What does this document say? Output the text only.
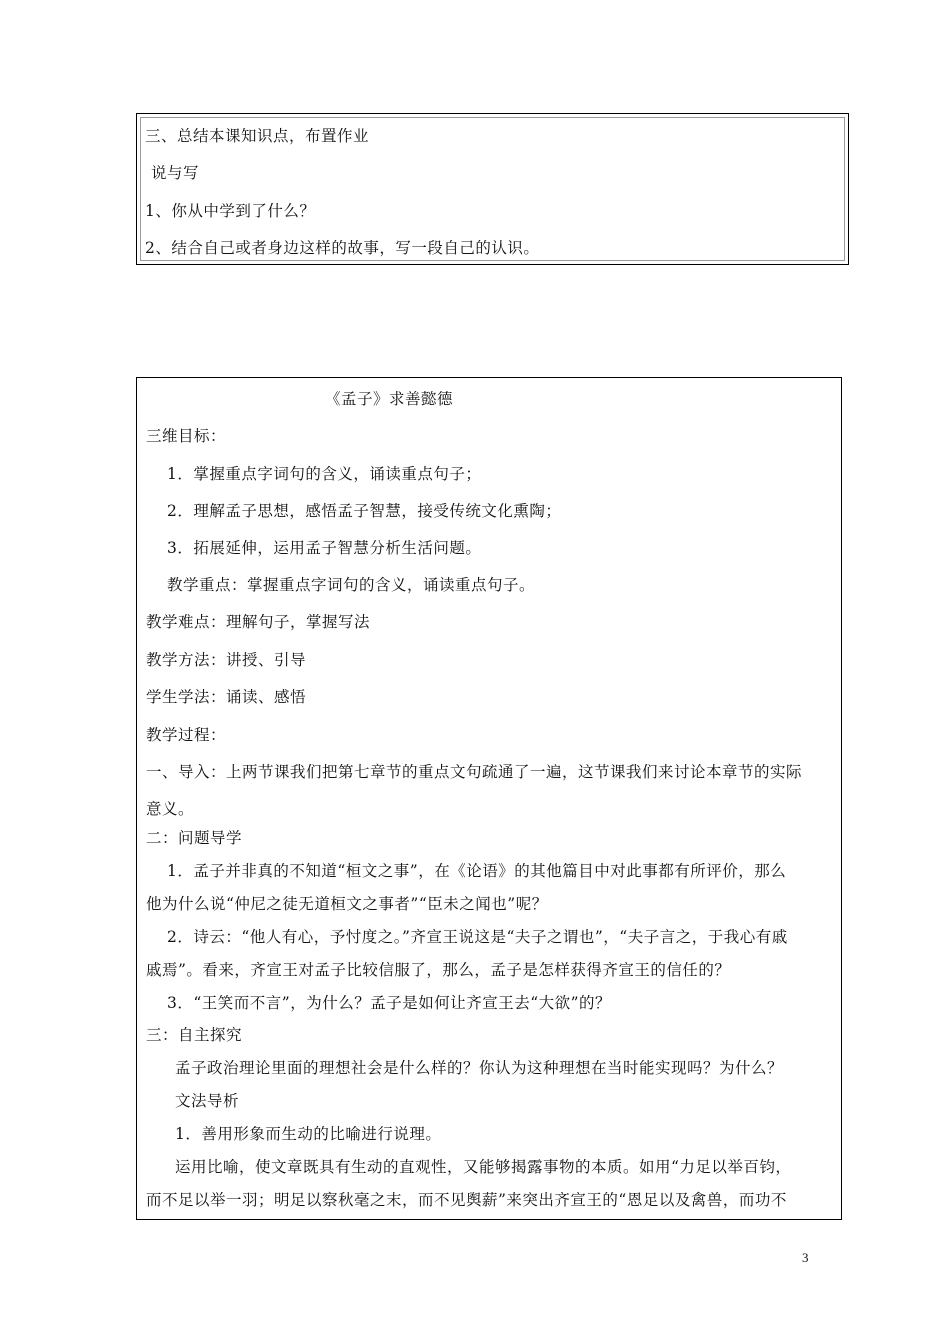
三、总结本课知识点，布置作业
说与写
1、你从中学到了什么？
2、结合自己或者身边这样的故事，写一段自己的认识。
《孟子》求善懿德
三维目标：
1．掌握重点字词句的含义，诵读重点句子；
2．理解孟子思想，感悟孟子智慧，接受传统文化熏陶；
3．拓展延伸，运用孟子智慧分析生活问题。
教学重点：掌握重点字词句的含义，诵读重点句子。
教学难点：理解句子，掌握写法
教学方法：讲授、引导
学生学法：诵读、感悟
教学过程：
一、导入：上两节课我们把第七章节的重点文句疏通了一遍，这节课我们来讨论本章节的实际
意义。
二：问题导学
1．孟子并非真的不知道“桓文之事”，在《论语》的其他篇目中对此事都有所评价，那么
他为什么说“仲尼之徒无道桓文之事者”“臣未之闻也”呢？
2．诗云：“他人有心，予忖度之。”齐宣王说这是“夫子之谓也”，“夫子言之，于我心有戚
戚焉”。看来，齐宣王对孟子比较信服了，那么，孟子是怎样获得齐宣王的信任的？
3．“王笑而不言”，为什么？孟子是如何让齐宣王去“大欲”的？
三：自主探究
孟子政治理论里面的理想社会是什么样的？你认为这种理想在当时能实现吗？为什么？
文法导析
1．善用形象而生动的比喻进行说理。
运用比喻，使文章既具有生动的直观性，又能够揭露事物的本质。如用“力足以举百钧，
而不足以举一羽；明足以察秋毫之末，而不见舆薪”来突出齐宣王的“恩足以及禽兽，而功不
3
